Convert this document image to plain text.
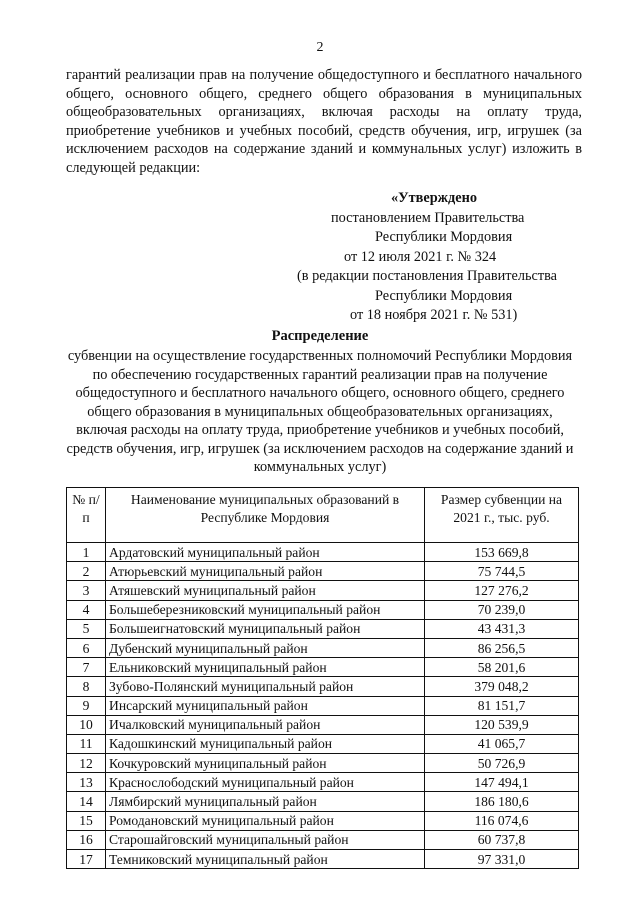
2

гарантий реализации прав на получение общедоступного и бесплатного начального общего, основного общего, среднего общего образования в муниципальных общеобразовательных организациях, включая расходы на оплату труда, приобретение учебников и учебных пособий, средств обучения, игр, игрушек (за исключением расходов на содержание зданий и коммунальных услуг) изложить в следующей редакции:

«Утверждено
постановлением Правительства
Республики Мордовия
от 12 июля 2021 г. № 324
(в редакции постановления Правительства
Республики Мордовия
от 18 ноября 2021 г. № 531)
Распределение
субвенции на осуществление государственных полномочий Республики Мордовия по обеспечению государственных гарантий реализации прав на получение общедоступного и бесплатного начального общего, основного общего, среднего общего образования в муниципальных общеобразовательных организациях, включая расходы на оплату труда, приобретение учебников и учебных пособий, средств обучения, игр, игрушек (за исключением расходов на содержание зданий и коммунальных услуг)
№ п/п	Наименование муниципальных образований в Республике Мордовия	Размер субвенции на 2021 г., тыс. руб.
1	Ардатовский муниципальный район	153 669,8
2	Атюрьевский муниципальный район	75 744,5
3	Атяшевский муниципальный район	127 276,2
4	Большеберезниковский муниципальный район	70 239,0
5	Большеигнатовский муниципальный район	43 431,3
6	Дубенский муниципальный район	86 256,5
7	Ельниковский муниципальный район	58 201,6
8	Зубово-Полянский муниципальный район	379 048,2
9	Инсарский муниципальный район	81 151,7
10	Ичалковский муниципальный район	120 539,9
11	Кадошкинский муниципальный район	41 065,7
12	Кочкуровский муниципальный район	50 726,9
13	Краснослободский муниципальный район	147 494,1
14	Лямбирский муниципальный район	186 180,6
15	Ромодановский муниципальный район	116 074,6
16	Старошайговский муниципальный район	60 737,8
17	Темниковский муниципальный район	97 331,0
